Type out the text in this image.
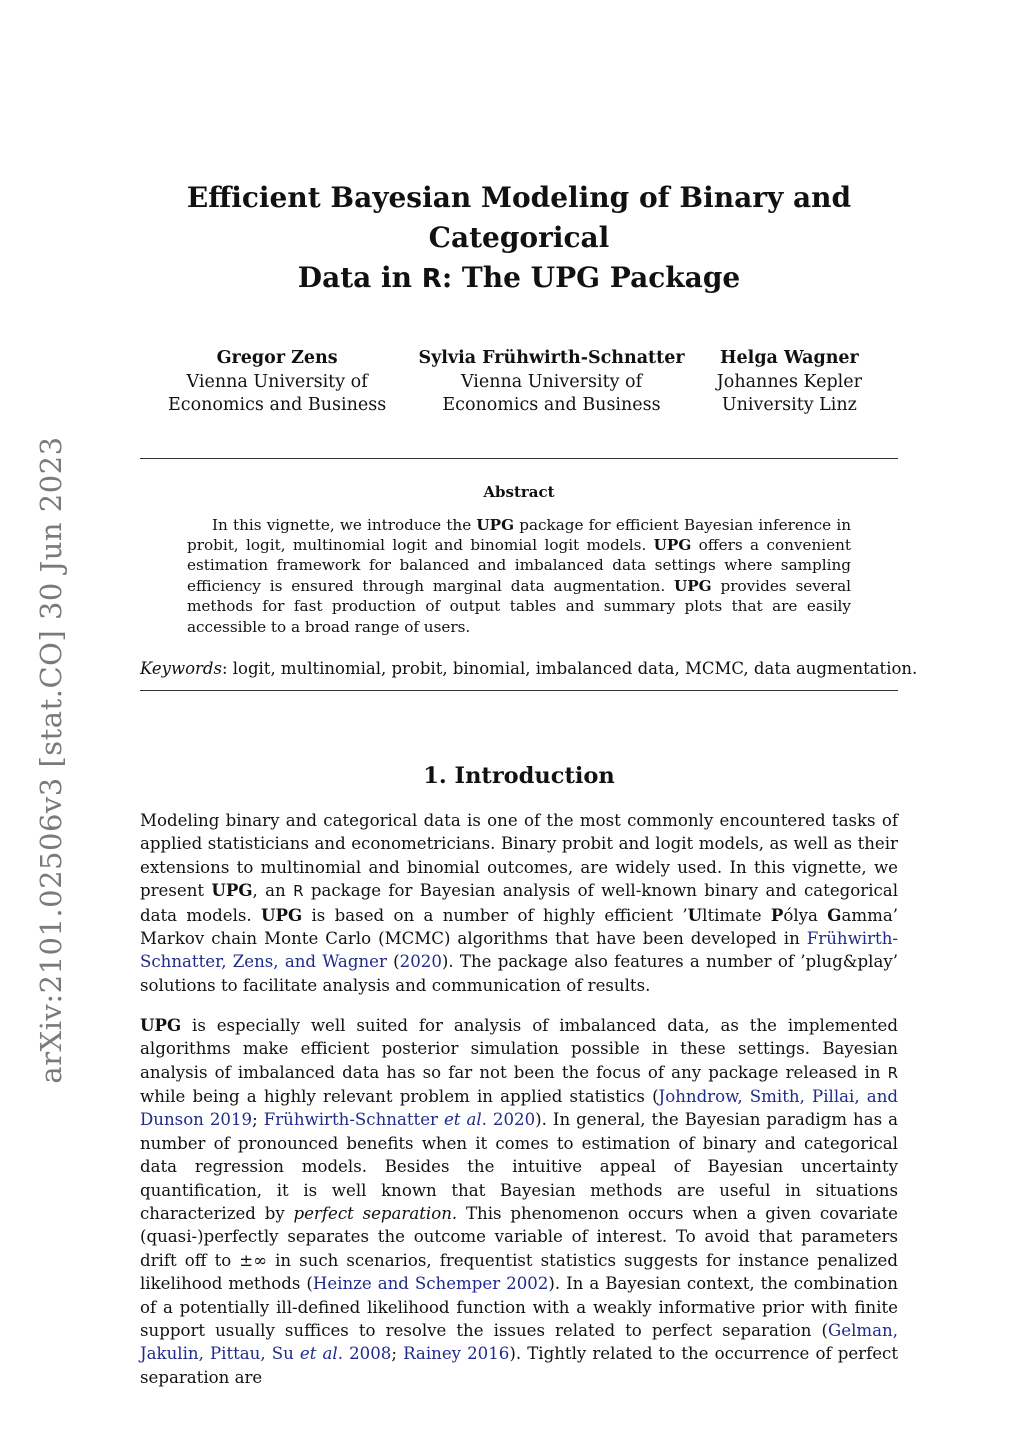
arXiv:2101.02506v3 [stat.CO] 30 Jun 2023
Efficient Bayesian Modeling of Binary and Categorical
Data in R: The UPG Package
Gregor Zens
Vienna University of
Economics and Business
Sylvia Frühwirth-Schnatter
Vienna University of
Economics and Business
Helga Wagner
Johannes Kepler
University Linz
Abstract
In this vignette, we introduce the UPG package for efficient Bayesian inference in probit, logit, multinomial logit and binomial logit models. UPG offers a convenient estimation framework for balanced and imbalanced data settings where sampling efficiency is ensured through marginal data augmentation. UPG provides several methods for fast production of output tables and summary plots that are easily accessible to a broad range of users.
Keywords: logit, multinomial, probit, binomial, imbalanced data, MCMC, data augmentation.
1. Introduction

Modeling binary and categorical data is one of the most commonly encountered tasks of applied statisticians and econometricians. Binary probit and logit models, as well as their extensions to multinomial and binomial outcomes, are widely used. In this vignette, we present UPG, an R package for Bayesian analysis of well-known binary and categorical data models. UPG is based on a number of highly efficient ’Ultimate Pólya Gamma’ Markov chain Monte Carlo (MCMC) algorithms that have been developed in Frühwirth-Schnatter, Zens, and Wagner (2020). The package also features a number of ’plug&play’ solutions to facilitate analysis and communication of results.

UPG is especially well suited for analysis of imbalanced data, as the implemented algorithms make efficient posterior simulation possible in these settings. Bayesian analysis of imbalanced data has so far not been the focus of any package released in R while being a highly relevant problem in applied statistics (Johndrow, Smith, Pillai, and Dunson 2019; Frühwirth-Schnatter et al. 2020). In general, the Bayesian paradigm has a number of pronounced benefits when it comes to estimation of binary and categorical data regression models. Besides the intuitive appeal of Bayesian uncertainty quantification, it is well known that Bayesian methods are useful in situations characterized by perfect separation. This phenomenon occurs when a given covariate (quasi-)perfectly separates the outcome variable of interest. To avoid that parameters drift off to ±∞ in such scenarios, frequentist statistics suggests for instance penalized likelihood methods (Heinze and Schemper 2002). In a Bayesian context, the combination of a potentially ill-defined likelihood function with a weakly informative prior with finite support usually suffices to resolve the issues related to perfect separation (Gelman, Jakulin, Pittau, Su et al. 2008; Rainey 2016). Tightly related to the occurrence of perfect separation are
